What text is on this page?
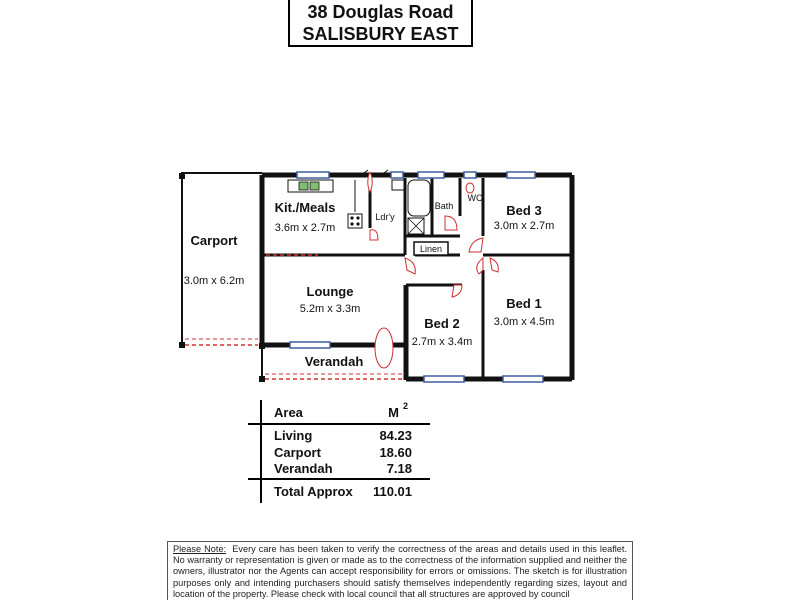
38 Douglas Road
SALISBURY EAST
Carport
3.0m x 6.2m
Kit./Meals
3.6m x 2.7m
Ldr'y
Bath
WC
Linen
Bed 3
3.0m x 2.7m
Lounge
5.2m x 3.3m
Bed 2
2.7m x 3.4m
Bed 1
3.0m x 4.5m
Verandah
Area	M $^2$
Living	84.23
Carport	18.60
Verandah	7.18
Total Approx	110.01
Please Note: Every care has been taken to verify the correctness of the areas and details used in this leaflet. No warranty or representation is given or made as to the correctness of the information supplied and neither the owners, illustrator nor the Agents can accept responsibility for errors or omissions. The sketch is for illustration purposes only and intending purchasers should satisfy themselves independently regarding sizes, layout and location of the property. Please check with local council that all structures are approved by council
